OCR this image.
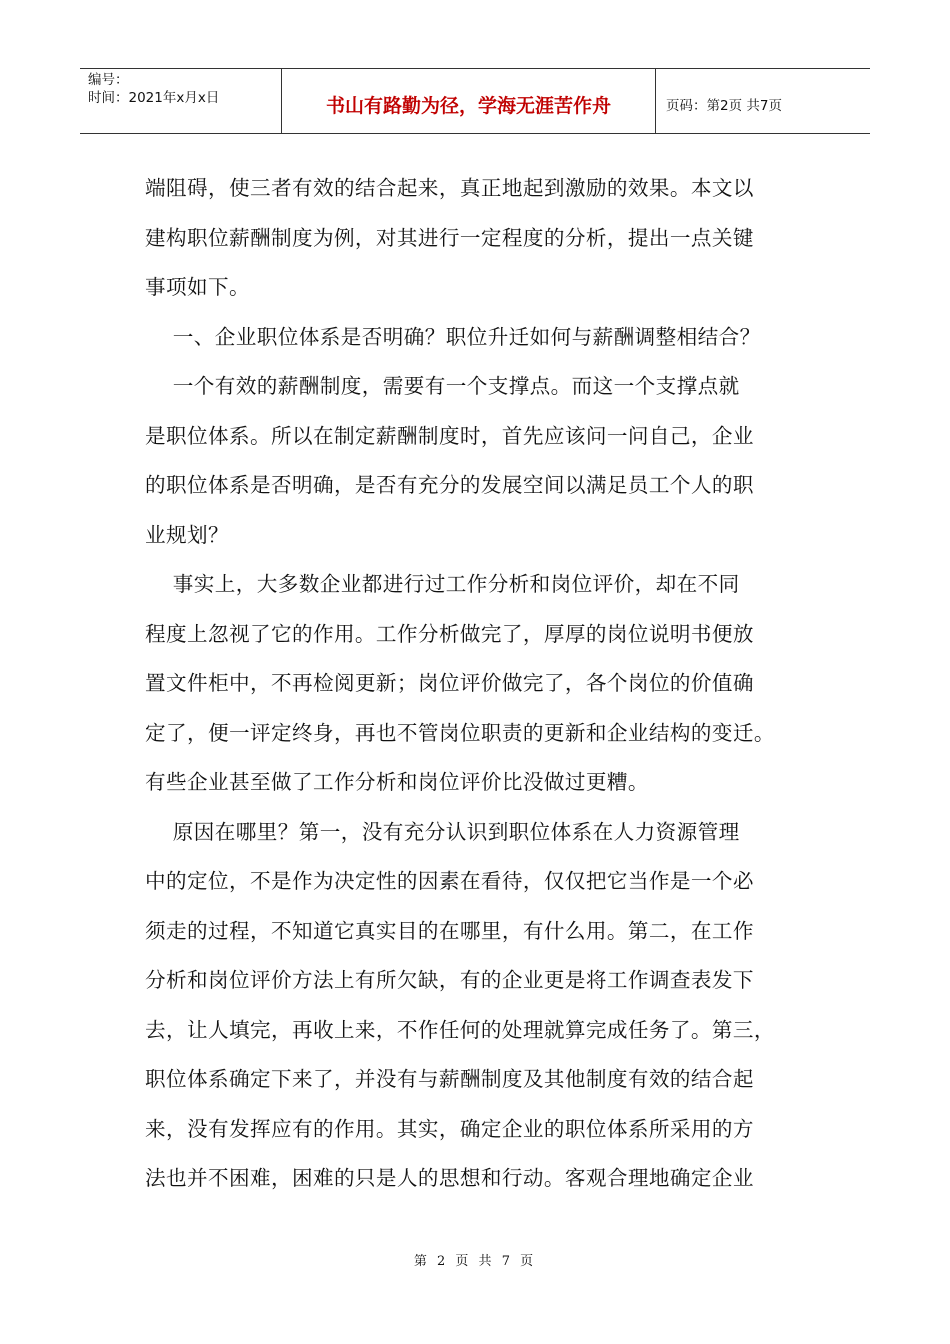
编号：
时间：2021年x月x日	书山有路勤为径，学海无涯苦作舟	页码：第2页 共7页

端阻碍，使三者有效的结合起来，真正地起到激励的效果。本文以
建构职位薪酬制度为例，对其进行一定程度的分析，提出一点关键
事项如下。
一、企业职位体系是否明确？职位升迁如何与薪酬调整相结合？
一个有效的薪酬制度，需要有一个支撑点。而这一个支撑点就
是职位体系。所以在制定薪酬制度时，首先应该问一问自己，企业
的职位体系是否明确，是否有充分的发展空间以满足员工个人的职
业规划？
事实上，大多数企业都进行过工作分析和岗位评价，却在不同
程度上忽视了它的作用。工作分析做完了，厚厚的岗位说明书便放
置文件柜中，不再检阅更新；岗位评价做完了，各个岗位的价值确
定了，便一评定终身，再也不管岗位职责的更新和企业结构的变迁。
有些企业甚至做了工作分析和岗位评价比没做过更糟。
原因在哪里？第一，没有充分认识到职位体系在人力资源管理
中的定位，不是作为决定性的因素在看待，仅仅把它当作是一个必
须走的过程，不知道它真实目的在哪里，有什么用。第二，在工作
分析和岗位评价方法上有所欠缺，有的企业更是将工作调查表发下
去，让人填完，再收上来，不作任何的处理就算完成任务了。第三，
职位体系确定下来了，并没有与薪酬制度及其他制度有效的结合起
来，没有发挥应有的作用。其实，确定企业的职位体系所采用的方
法也并不困难，困难的只是人的思想和行动。客观合理地确定企业

第 2 页 共 7 页
